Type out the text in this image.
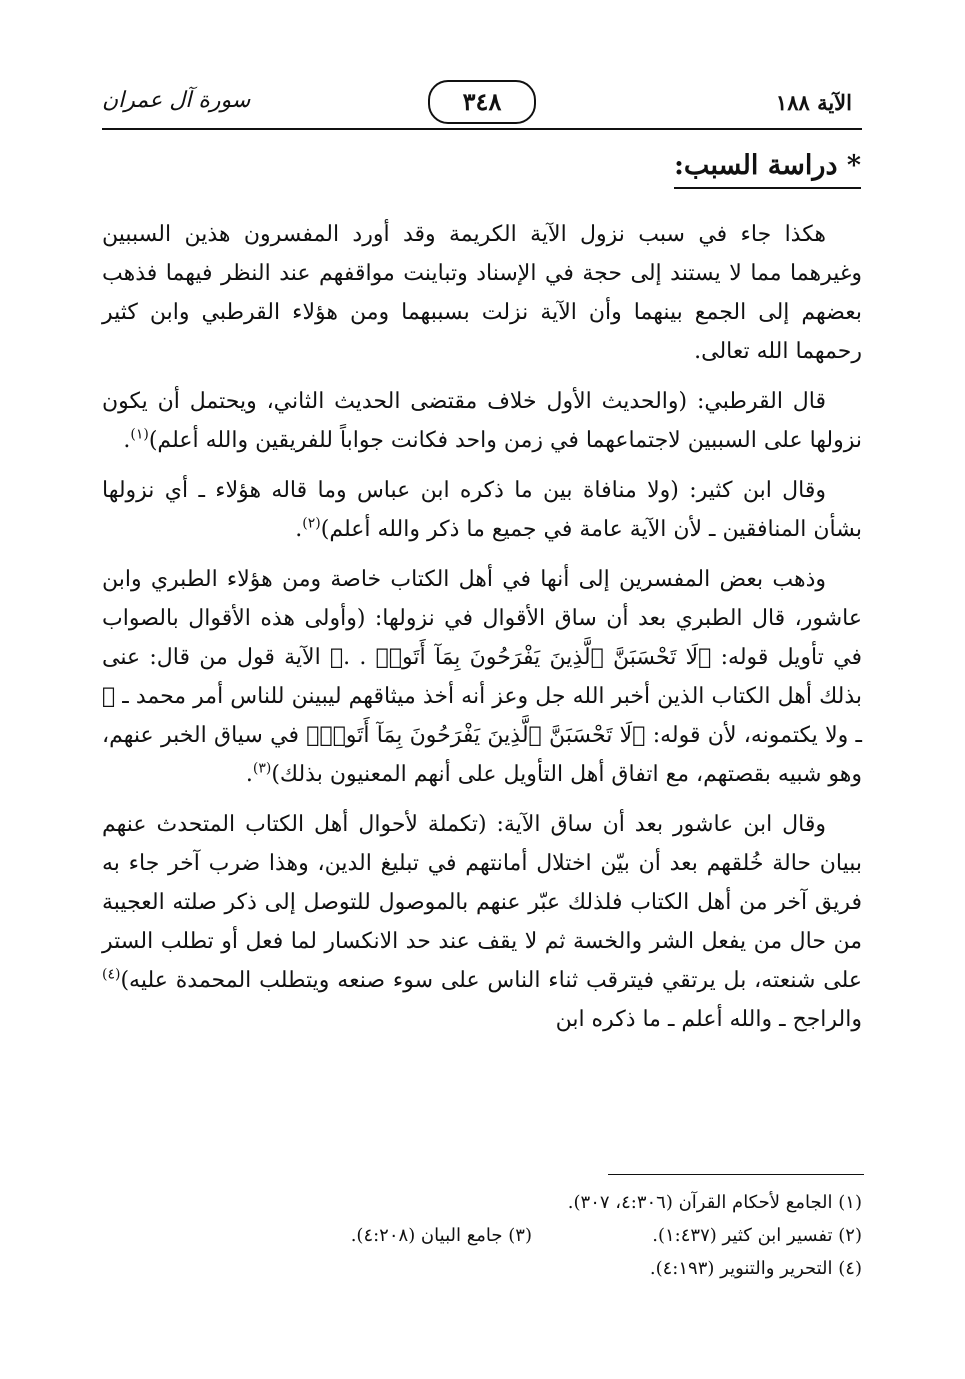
الآية ١٨٨
٣٤٨
سورة آل عمران
* دراسة السبب:

هكذا جاء في سبب نزول الآية الكريمة وقد أورد المفسرون هذين السببين وغيرهما مما لا يستند إلى حجة في الإسناد وتباينت مواقفهم عند النظر فيهما فذهب بعضهم إلى الجمع بينهما وأن الآية نزلت بسببهما ومن هؤلاء القرطبي وابن كثير رحمهما الله تعالى.

قال القرطبي: (والحديث الأول خلاف مقتضى الحديث الثاني، ويحتمل أن يكون نزولها على السببين لاجتماعهما في زمن واحد فكانت جواباً للفريقين والله أعلم)$^{(١)}$.

وقال ابن كثير: (ولا منافاة بين ما ذكره ابن عباس وما قاله هؤلاء ـ أي نزولها بشأن المنافقين ـ لأن الآية عامة في جميع ما ذكر والله أعلم)$^{(٢)}$.

وذهب بعض المفسرين إلى أنها في أهل الكتاب خاصة ومن هؤلاء الطبري وابن عاشور، قال الطبري بعد أن ساق الأقوال في نزولها: (وأولى هذه الأقوال بالصواب في تأويل قوله: ﴿لَا تَحْسَبَنَّ ٱلَّذِينَ يَفْرَحُونَ بِمَآ أَتَوا۟ . .﴾ الآية قول من قال: عنى بذلك أهل الكتاب الذين أخبر الله جل وعز أنه أخذ ميثاقهم ليبينن للناس أمر محمد ـ ﷺ ـ ولا يكتمونه، لأن قوله: ﴿لَا تَحْسَبَنَّ ٱلَّذِينَ يَفْرَحُونَ بِمَآ أَتَوا۟﴾ في سياق الخبر عنهم، وهو شبيه بقصتهم، مع اتفاق أهل التأويل على أنهم المعنيون بذلك)$^{(٣)}$.

وقال ابن عاشور بعد أن ساق الآية: (تكملة لأحوال أهل الكتاب المتحدث عنهم ببيان حالة خُلقهم بعد أن بيّن اختلال أمانتهم في تبليغ الدين، وهذا ضرب آخر جاء به فريق آخر من أهل الكتاب فلذلك عبّر عنهم بالموصول للتوصل إلى ذكر صلته العجيبة من حال من يفعل الشر والخسة ثم لا يقف عند حد الانكسار لما فعل أو تطلب الستر على شنعته، بل يرتقي فيترقب ثناء الناس على سوء صنعه ويتطلب المحمدة عليه)$^{(٤)}$ والراجح ـ والله أعلم ـ ما ذكره ابن

(١) الجامع لأحكام القرآن (٤:٣٠٦، ٣٠٧).
(٢) تفسير ابن كثير (١:٤٣٧).
(٣) جامع البيان (٤:٢٠٨).
(٤) التحرير والتنوير (٤:١٩٣).
